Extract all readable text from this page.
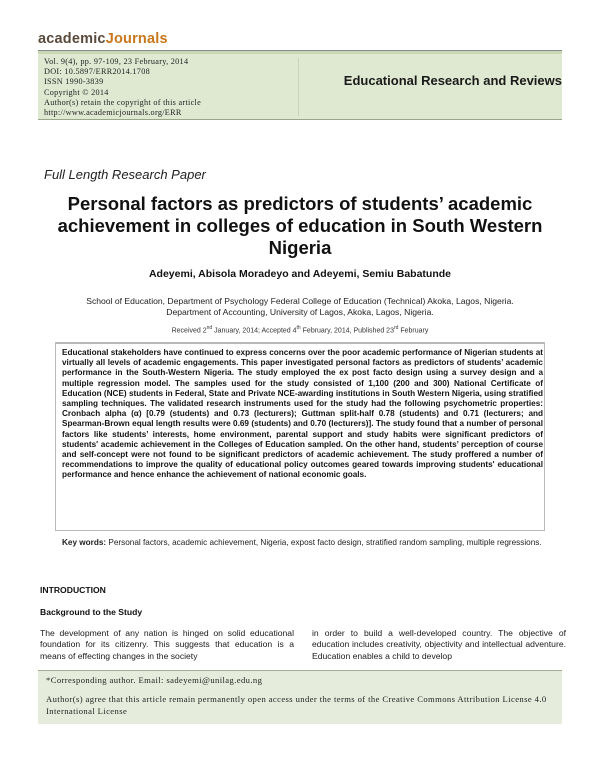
academicJournals
Vol. 9(4), pp. 97-109, 23 February, 2014
DOI: 10.5897/ERR2014.1708
ISSN 1990-3839
Copyright © 2014
Author(s) retain the copyright of this article
http://www.academicjournals.org/ERR
Educational Research and Reviews
Full Length Research Paper
Personal factors as predictors of students’ academic achievement in colleges of education in South Western Nigeria
Adeyemi, Abisola Moradeyo and Adeyemi, Semiu Babatunde
School of Education, Department of Psychology Federal College of Education (Technical) Akoka, Lagos, Nigeria.
Department of Accounting, University of Lagos, Akoka, Lagos, Nigeria.
Received 2nd January, 2014; Accepted 4th February, 2014, Published 23rd February
Educational stakeholders have continued to express concerns over the poor academic performance of Nigerian students at virtually all levels of academic engagements. This paper investigated personal factors as predictors of students’ academic performance in the South-Western Nigeria. The study employed the ex post facto design using a survey design and a multiple regression model. The samples used for the study consisted of 1,100 (200 and 300) National Certificate of Education (NCE) students in Federal, State and Private NCE-awarding institutions in South Western Nigeria, using stratified sampling techniques. The validated research instruments used for the study had the following psychometric properties: Cronbach alpha (α) [0.79 (students) and 0.73 (lecturers); Guttman split-half 0.78 (students) and 0.71 (lecturers; and Spearman-Brown equal length results were 0.69 (students) and 0.70 (lecturers)]. The study found that a number of personal factors like students’ interests, home environment, parental support and study habits were significant predictors of students' academic achievement in the Colleges of Education sampled. On the other hand, students’ perception of course and self-concept were not found to be significant predictors of academic achievement. The study proffered a number of recommendations to improve the quality of educational policy outcomes geared towards improving students' educational performance and hence enhance the achievement of national economic goals.
Key words: Personal factors, academic achievement, Nigeria, expost facto design, stratified random sampling, multiple regressions.
INTRODUCTION
Background to the Study
The development of any nation is hinged on solid educational foundation for its citizenry. This suggests that education is a means of effecting changes in the society
in order to build a well-developed country. The objective of education includes creativity, objectivity and intellectual adventure. Education enables a child to develop
*Corresponding author. Email: sadeyemi@unilag.edu.ng
Author(s) agree that this article remain permanently open access under the terms of the Creative Commons Attribution License 4.0 International License
